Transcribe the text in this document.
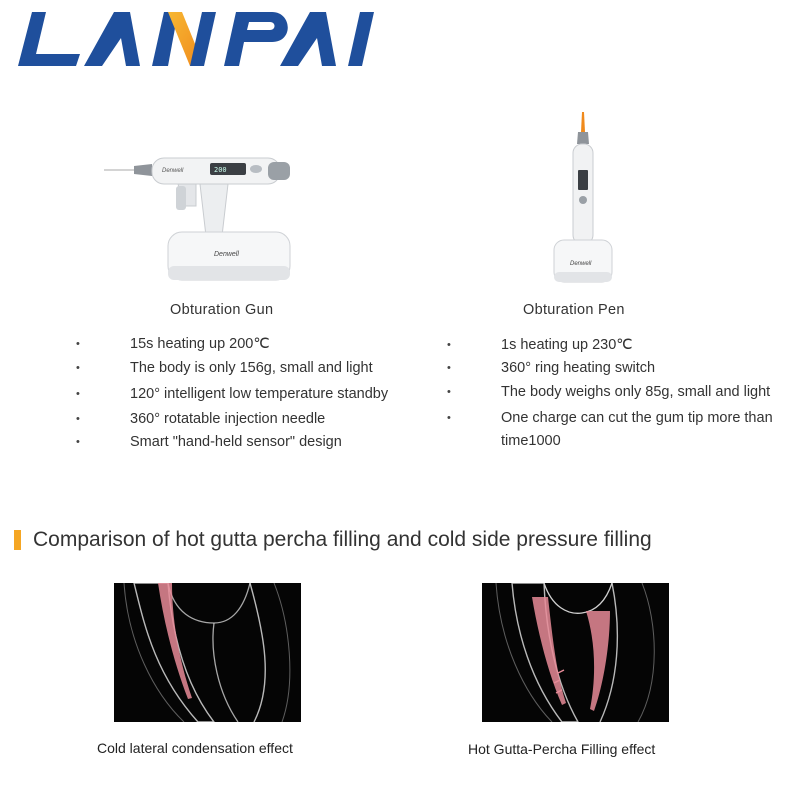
200
Denwell
Denwell
Denwell
Obturation Gun	Obturation Pen
• 15s heating up 200℃
• The body is only 156g, small and light
• 120° intelligent low temperature standby
• 360° rotatable injection needle
• Smart "hand-held sensor" design
• 1s heating up 230℃
• 360° ring heating switch
• The body weighs only 85g, small and light
• One charge can cut the gum tip more than time1000
Comparison of hot gutta percha filling and cold side pressure filling
Cold lateral condensation effect	Hot Gutta-Percha Filling effect
